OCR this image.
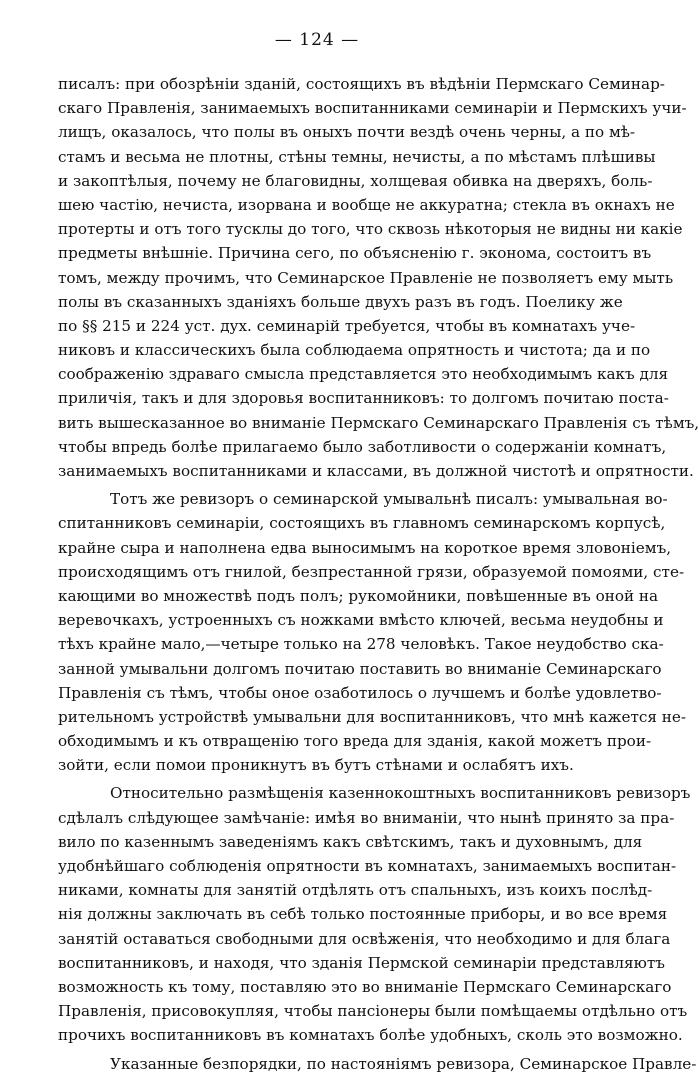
— 124 —
писалъ: при обозрѣніи зданій, состоящихъ въ вѣдѣніи Пермскаго Семинар-
скаго Правленія, занимаемыхъ воспитанниками семинаріи и Пермскихъ учи-
лищъ, оказалось, что полы въ оныхъ почти вездѣ очень черны, а по мѣ-
стамъ и весьма не плотны, стѣны темны, нечисты, а по мѣстамъ плѣшивы
и закоптѣлыя, почему не благовидны, холщевая обивка на дверяхъ, боль-
шею частію, нечиста, изорвана и вообще не аккуратна; стекла въ окнахъ не
протерты и отъ того тусклы до того, что сквозь нѣкоторыя не видны ни какіе
предметы внѣшніе. Причина сего, по объясненію г. эконома, состоитъ въ
томъ, между прочимъ, что Семинарское Правленіе не позволяетъ ему мыть
полы въ сказанныхъ зданіяхъ больше двухъ разъ въ годъ. Поелику же
по §§ 215 и 224 уст. дух. семинарій требуется, чтобы въ комнатахъ уче-
никовъ и классическихъ была соблюдаема опрятность и чистота; да и по
соображенію здраваго смысла представляется это необходимымъ какъ для
приличія, такъ и для здоровья воспитанниковъ: то долгомъ почитаю поста-
вить вышесказанное во вниманіе Пермскаго Семинарскаго Правленія съ тѣмъ,
чтобы впредь болѣе прилагаемо было заботливости о содержаніи комнатъ,
занимаемыхъ воспитанниками и классами, въ должной чистотѣ и опрятности.
Тотъ же ревизоръ о семинарской умывальнѣ писалъ: умывальная во-
спитанниковъ семинаріи, состоящихъ въ главномъ семинарскомъ корпусѣ,
крайне сыра и наполнена едва выносимымъ на короткое время зловоніемъ,
происходящимъ отъ гнилой, безпрестанной грязи, образуемой помоями, сте-
кающими во множествѣ подъ полъ; рукомойники, повѣшенные въ оной на
веревочкахъ, устроенныхъ съ ножками вмѣсто ключей, весьма неудобны и
тѣхъ крайне мало,—четыре только на 278 человѣкъ. Такое неудобство ска-
занной умывальни долгомъ почитаю поставить во вниманіе Семинарскаго
Правленія съ тѣмъ, чтобы оное озаботилось о лучшемъ и болѣе удовлетво-
рительномъ устройствѣ умывальни для воспитанниковъ, что мнѣ кажется не-
обходимымъ и къ отвращенію того вреда для зданія, какой можетъ прои-
зойти, если помои проникнутъ въ бутъ стѣнами и ослабятъ ихъ.
Относительно размѣщенія казеннокоштныхъ воспитанниковъ ревизоръ
сдѣлалъ слѣдующее замѣчаніе: имѣя во вниманіи, что нынѣ принято за пра-
вило по казеннымъ заведеніямъ какъ свѣтскимъ, такъ и духовнымъ, для
удобнѣйшаго соблюденія опрятности въ комнатахъ, занимаемыхъ воспитан-
никами, комнаты для занятій отдѣлять отъ спальныхъ, изъ коихъ послѣд-
нія должны заключать въ себѣ только постоянные приборы, и во все время
занятій оставаться свободными для освѣженія, что необходимо и для блага
воспитанниковъ, и находя, что зданія Пермской семинаріи представляютъ
возможность къ тому, поставляю это во вниманіе Пермскаго Семинарскаго
Правленія, присовокупляя, чтобы пансіонеры были помѣщаемы отдѣльно отъ
прочихъ воспитанниковъ въ комнатахъ болѣе удобныхъ, сколь это возможно.
Указанные безпорядки, по настояніямъ ревизора, Семинарское Правле-
